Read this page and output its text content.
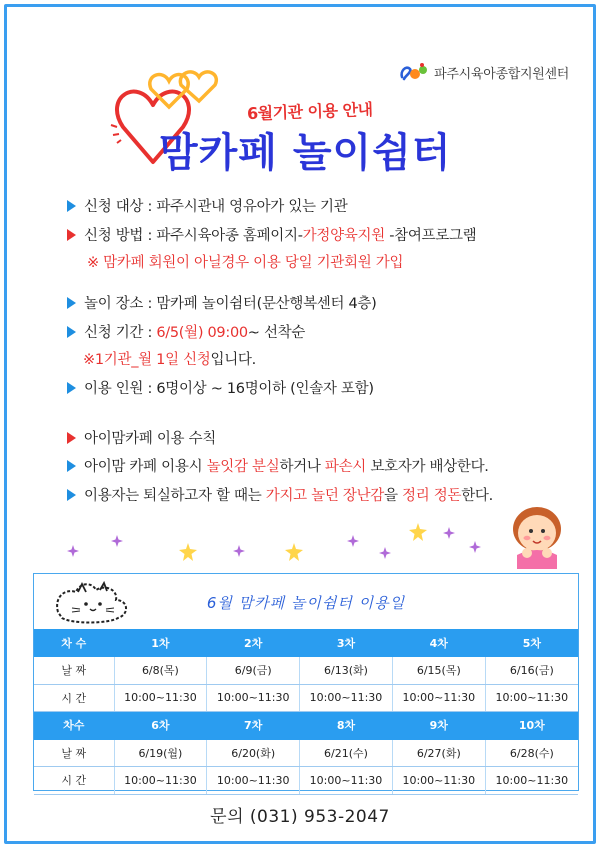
파주시육아종합지원센터
6월기관 이용 안내
맘카페 놀이쉼터
신청 대상 : 파주시관내 영유아가 있는 기관
신청 방법 : 파주시육아종 홈페이지-가정양육지원 -참여프로그램
※ 맘카페 회원이 아닐경우 이용 당일 기관회원 가입
놀이 장소 : 맘카페 놀이쉼터(문산행복센터 4층)
신청 기간 : 6/5(월) 09:00~ 선착순
※1기관_월 1일 신청입니다.
이용 인원 : 6명이상 ~ 16명이하 (인솔자 포함)
아이맘카페 이용 수칙
아이맘 카페 이용시 놀잇감 분실하거나 파손시 보호자가 배상한다.
이용자는 퇴실하고자 할 때는 가지고 놀던 장난감을 정리 정돈한다.
6월 맘카페 놀이쉼터 이용일
차 수	1차	2차	3차	4차	5차
날 짜	6/8(목)	6/9(금)	6/13(화)	6/15(목)	6/16(금)
시 간	10:00~11:30	10:00~11:30	10:00~11:30	10:00~11:30	10:00~11:30
차수	6차	7차	8차	9차	10차
날 짜	6/19(월)	6/20(화)	6/21(수)	6/27(화)	6/28(수)
시 간	10:00~11:30	10:00~11:30	10:00~11:30	10:00~11:30	10:00~11:30
문의 (031) 953-2047
